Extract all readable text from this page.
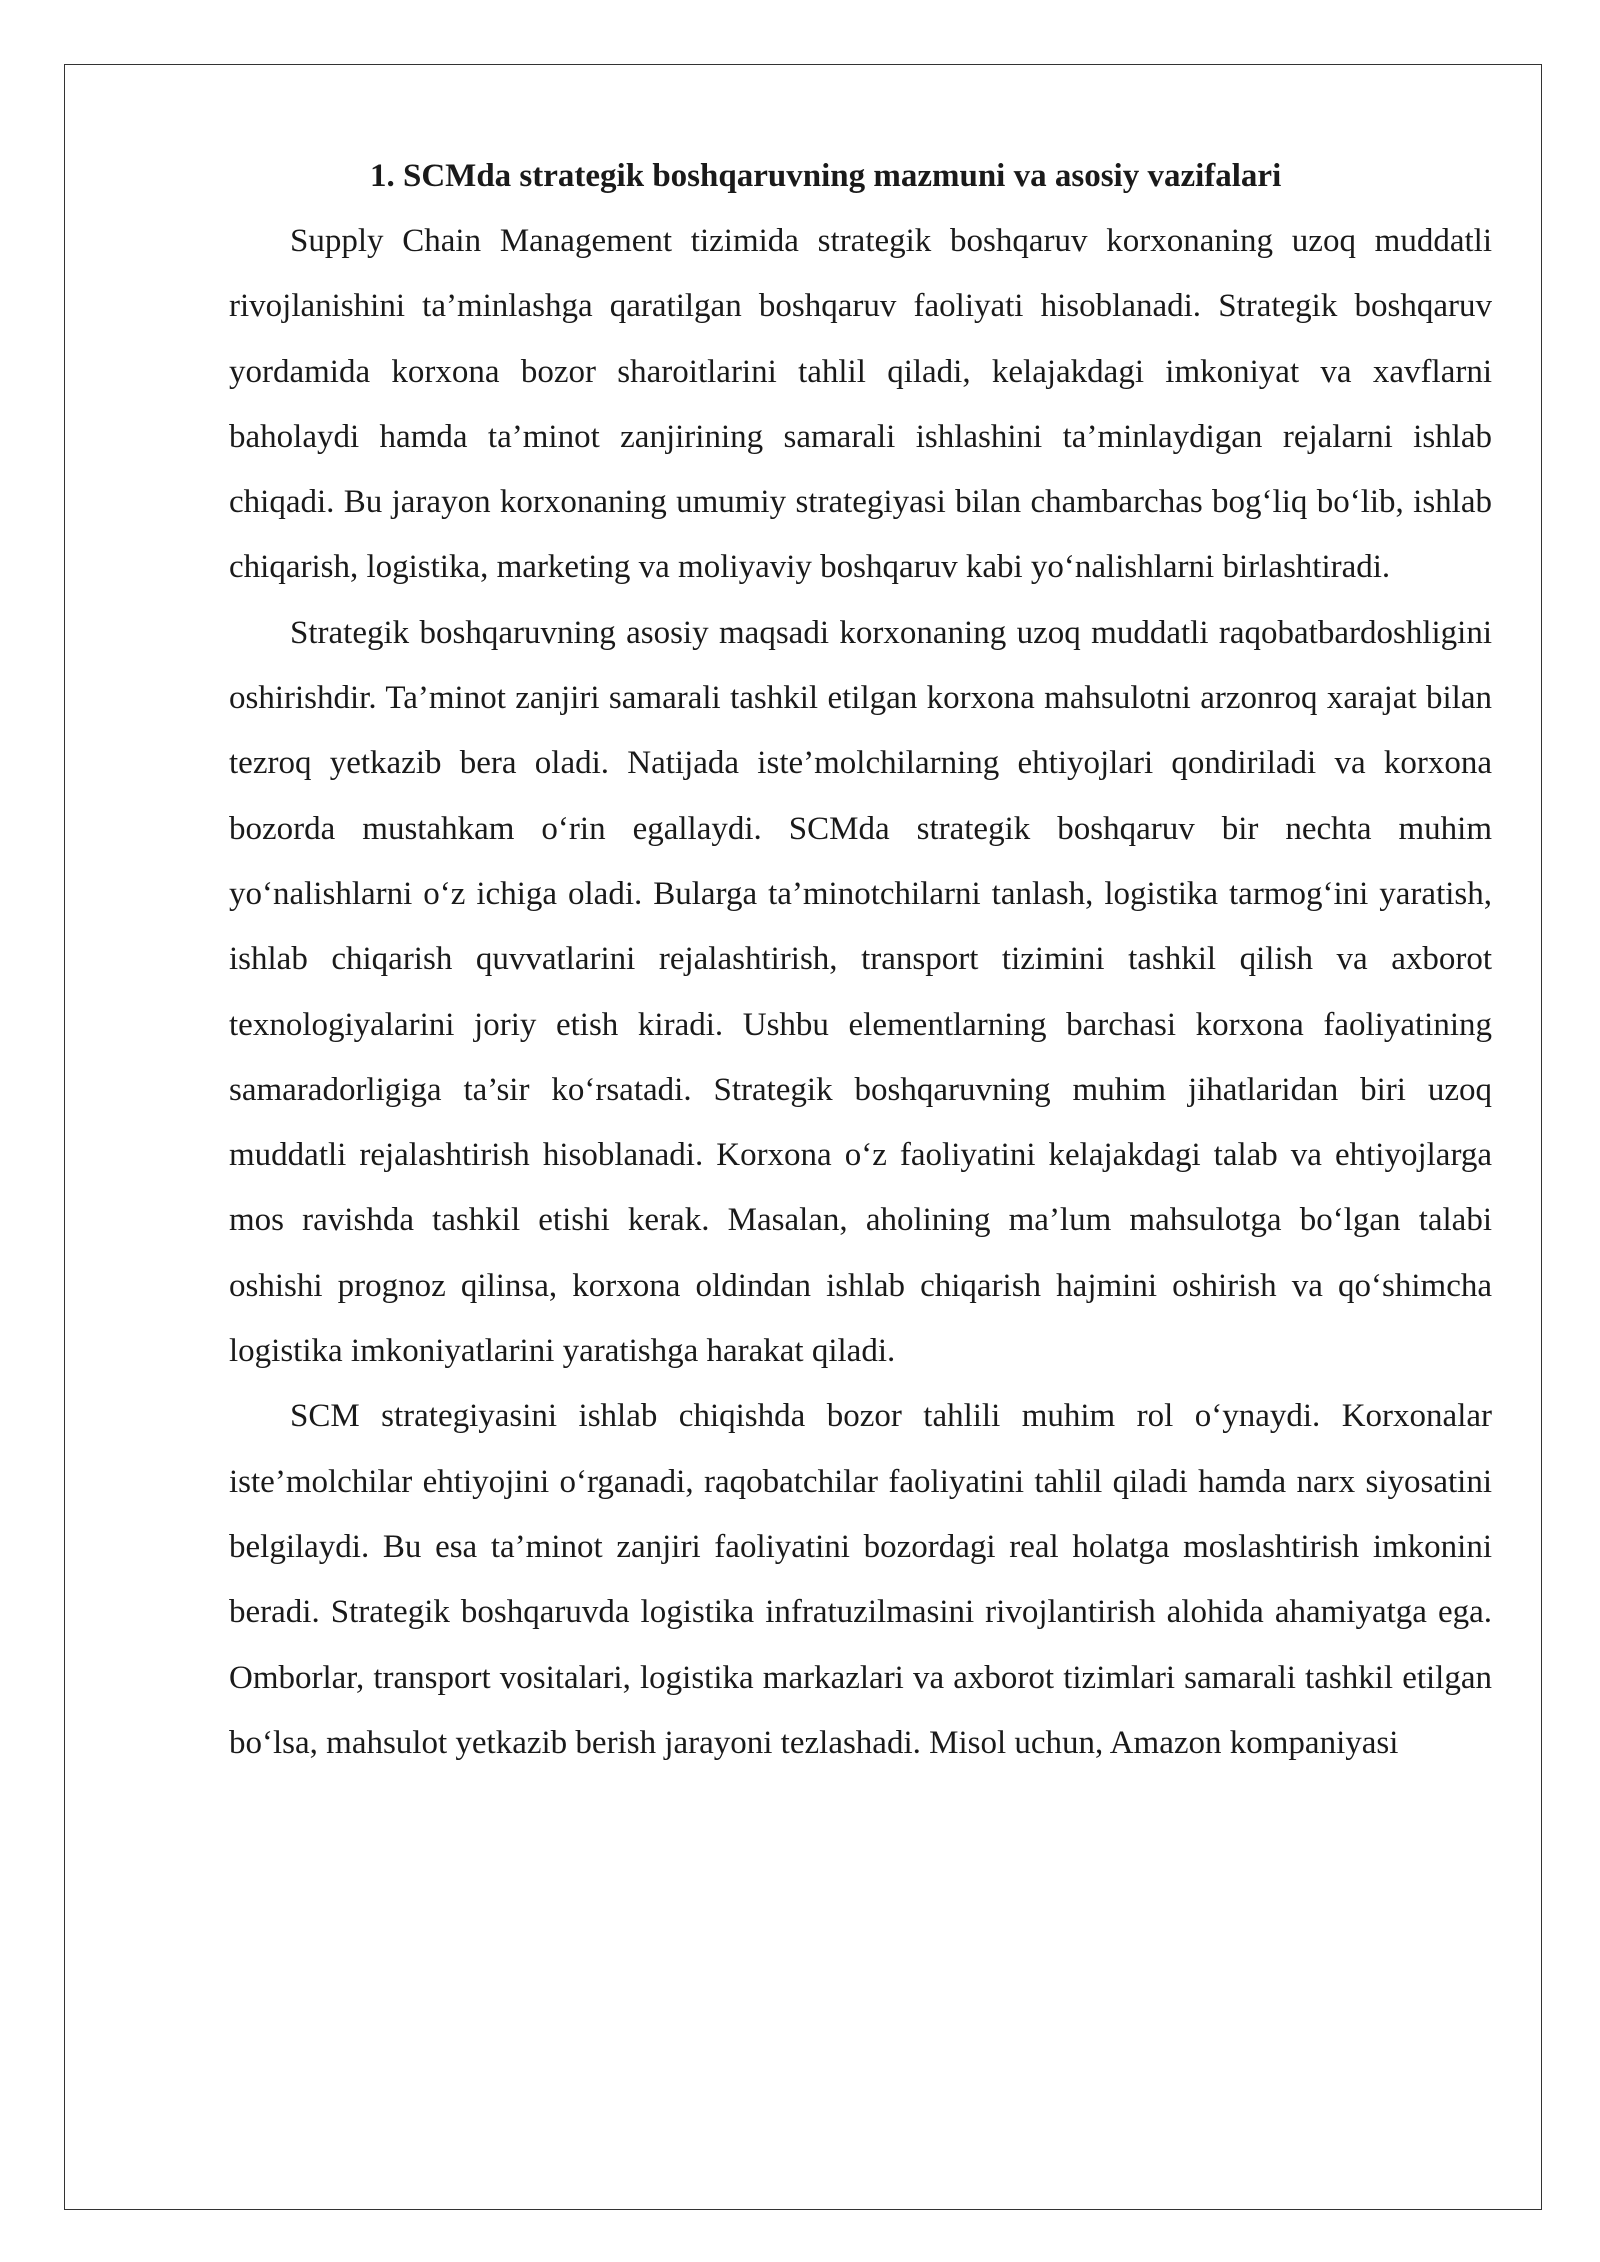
1. SCMda strategik boshqaruvning mazmuni va asosiy vazifalari

Supply Chain Management tizimida strategik boshqaruv korxonaning uzoq muddatli rivojlanishini ta’minlashga qaratilgan boshqaruv faoliyati hisoblanadi. Strategik boshqaruv yordamida korxona bozor sharoitlarini tahlil qiladi, kelajakdagi imkoniyat va xavflarni baholaydi hamda ta’minot zanjirining samarali ishlashini ta’minlaydigan rejalarni ishlab chiqadi. Bu jarayon korxonaning umumiy strategiyasi bilan chambarchas bog‘liq bo‘lib, ishlab chiqarish, logistika, marketing va moliyaviy boshqaruv kabi yo‘nalishlarni birlashtiradi.

Strategik boshqaruvning asosiy maqsadi korxonaning uzoq muddatli raqobatbardoshligini oshirishdir. Ta’minot zanjiri samarali tashkil etilgan korxona mahsulotni arzonroq xarajat bilan tezroq yetkazib bera oladi. Natijada iste’molchilarning ehtiyojlari qondiriladi va korxona bozorda mustahkam o‘rin egallaydi. SCMda strategik boshqaruv bir nechta muhim yo‘nalishlarni o‘z ichiga oladi. Bularga ta’minotchilarni tanlash, logistika tarmog‘ini yaratish, ishlab chiqarish quvvatlarini rejalashtirish, transport tizimini tashkil qilish va axborot texnologiyalarini joriy etish kiradi. Ushbu elementlarning barchasi korxona faoliyatining samaradorligiga ta’sir ko‘rsatadi. Strategik boshqaruvning muhim jihatlaridan biri uzoq muddatli rejalashtirish hisoblanadi. Korxona o‘z faoliyatini kelajakdagi talab va ehtiyojlarga mos ravishda tashkil etishi kerak. Masalan, aholining ma’lum mahsulotga bo‘lgan talabi oshishi prognoz qilinsa, korxona oldindan ishlab chiqarish hajmini oshirish va qo‘shimcha logistika imkoniyatlarini yaratishga harakat qiladi.

SCM strategiyasini ishlab chiqishda bozor tahlili muhim rol o‘ynaydi. Korxonalar iste’molchilar ehtiyojini o‘rganadi, raqobatchilar faoliyatini tahlil qiladi hamda narx siyosatini belgilaydi. Bu esa ta’minot zanjiri faoliyatini bozordagi real holatga moslashtirish imkonini beradi. Strategik boshqaruvda logistika infratuzilmasini rivojlantirish alohida ahamiyatga ega. Omborlar, transport vositalari, logistika markazlari va axborot tizimlari samarali tashkil etilgan bo‘lsa, mahsulot yetkazib berish jarayoni tezlashadi. Misol uchun, Amazon kompaniyasi
